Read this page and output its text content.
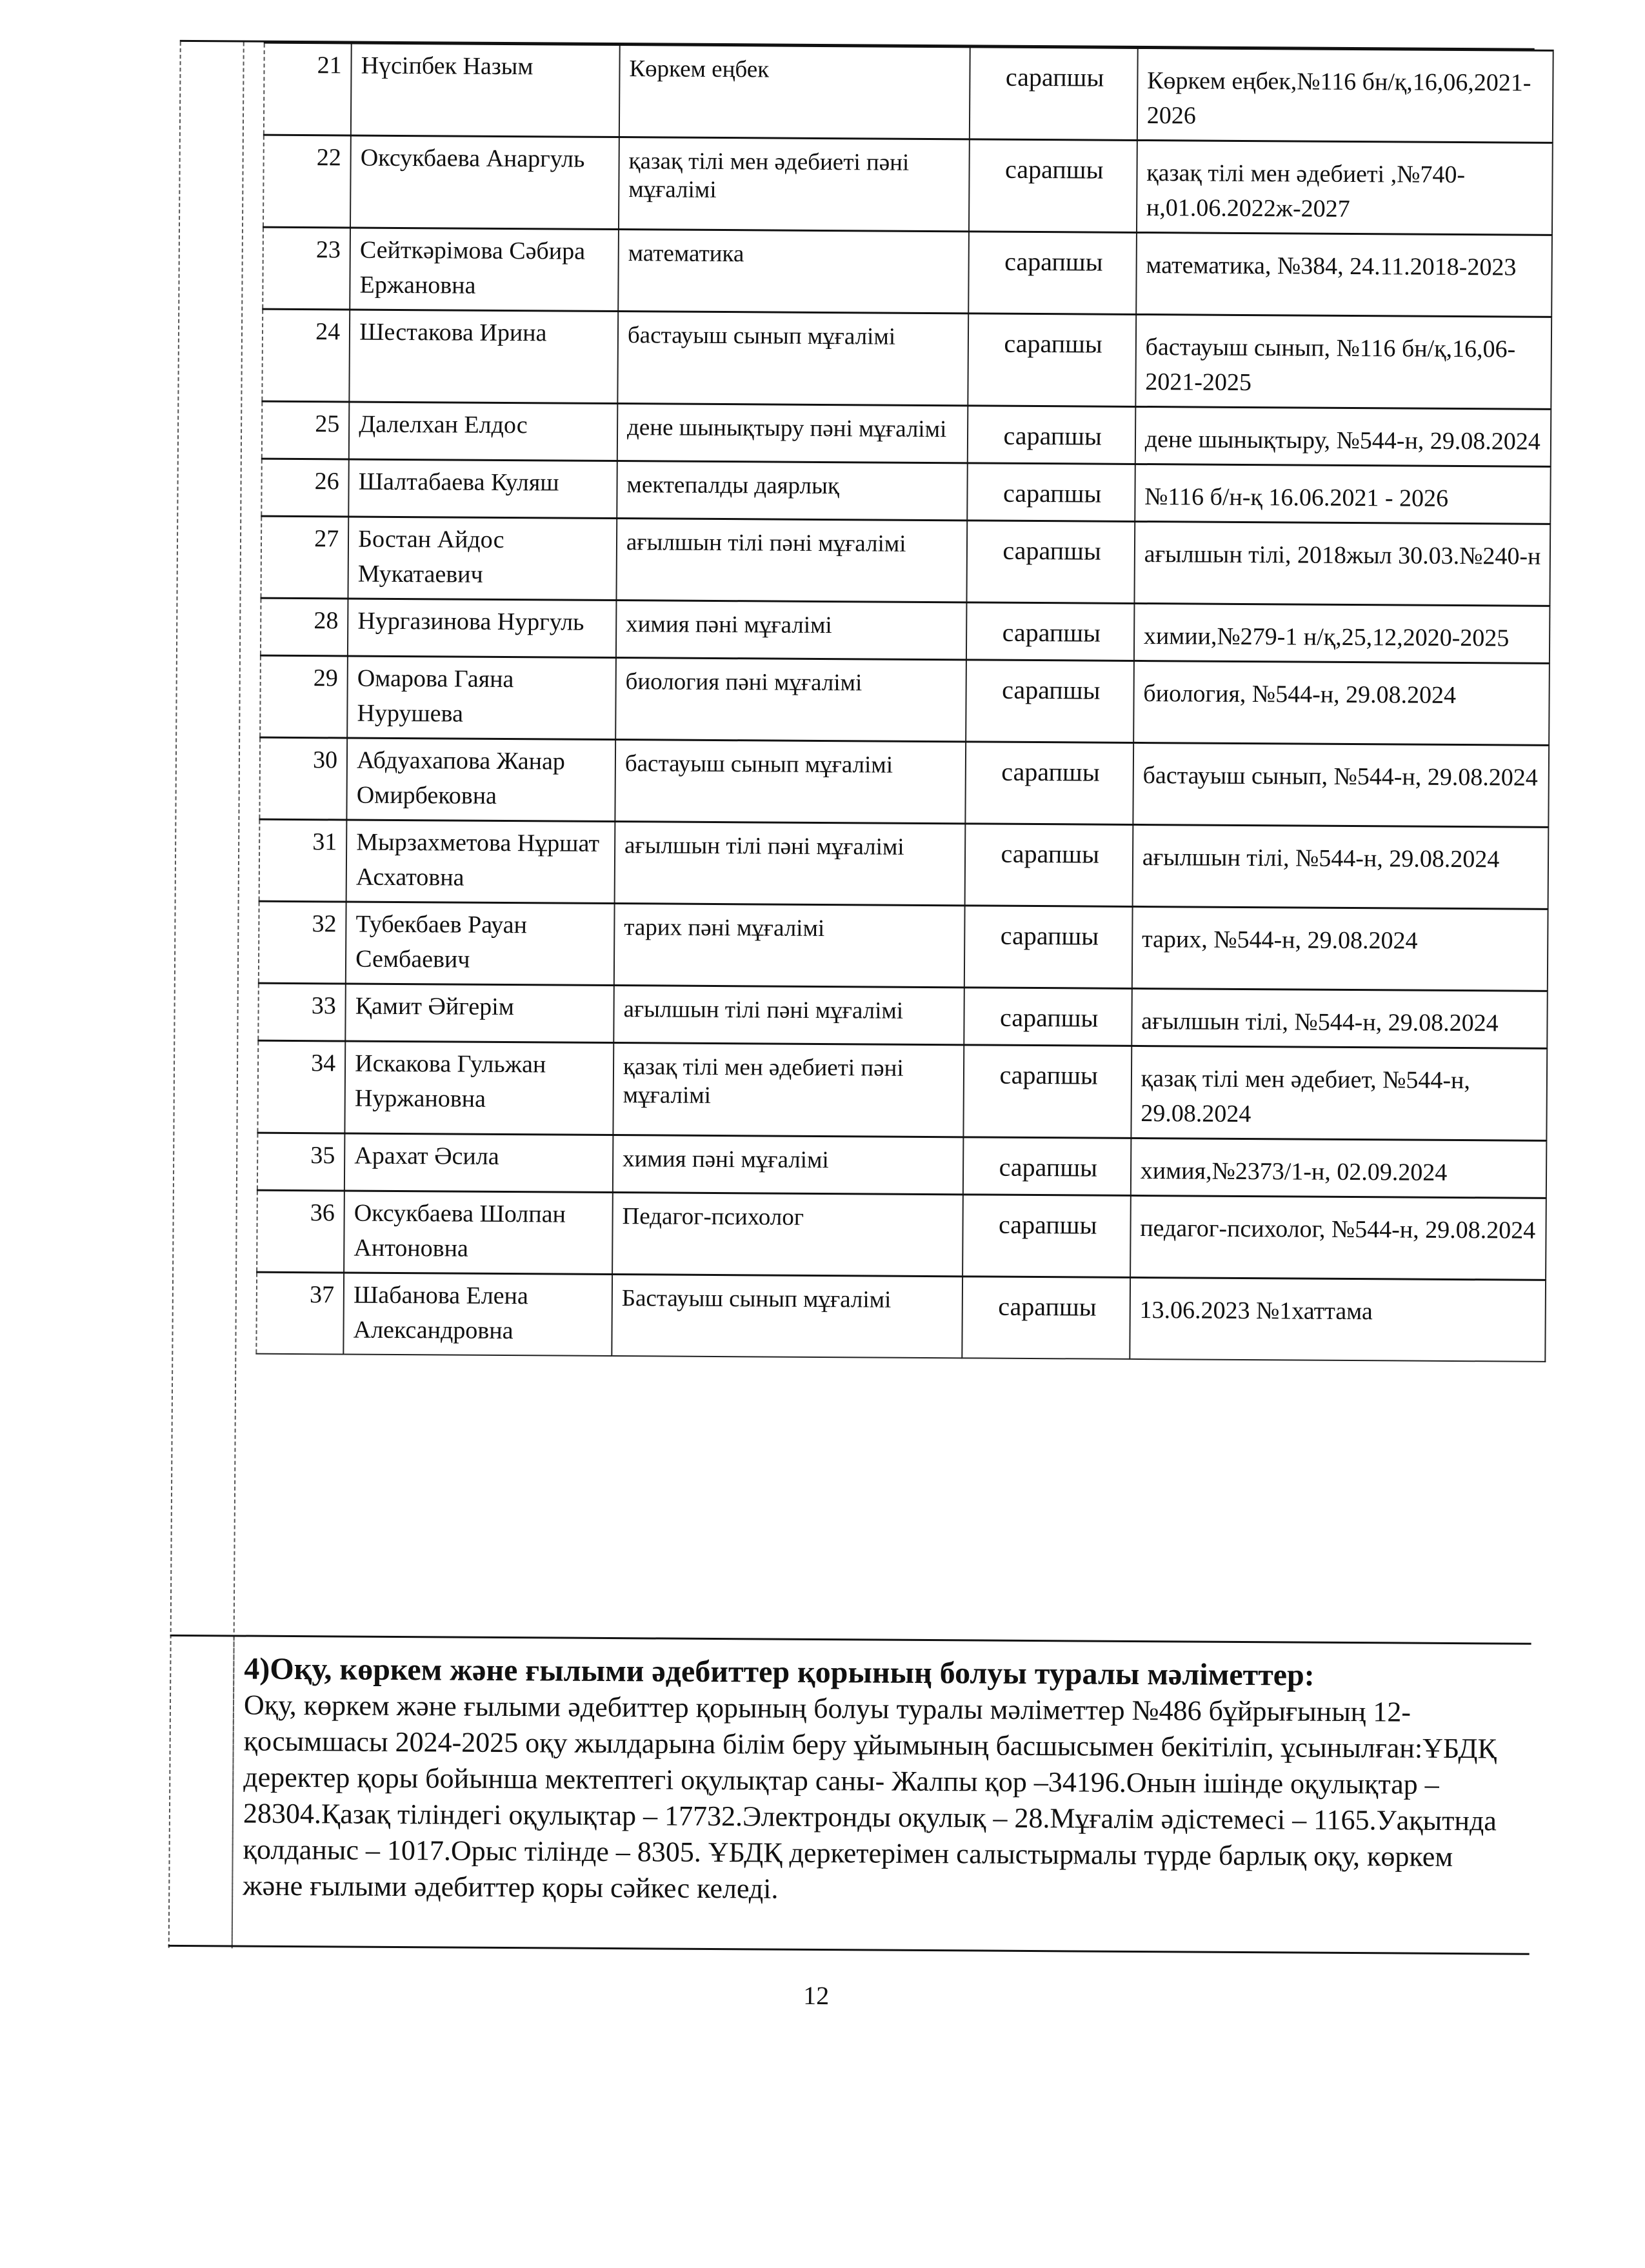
21	Нүсіпбек Назым	Көркем еңбек	сарапшы	Көркем еңбек,№116 бн/қ,16,06,2021-2026
22	Оксукбаева Анаргуль	қазақ тілі мен әдебиеті пәні мұғалімі	сарапшы	қазақ тілі мен әдебиеті ,№740-н,01.06.2022ж-2027
23	Сейткәрімова Сәбира Ержановна	математика	сарапшы	математика, №384, 24.11.2018-2023
24	Шестакова Ирина	бастауыш сынып мұғалімі	сарапшы	бастауыш сынып, №116 бн/қ,16,06-2021-2025
25	Далелхан Елдос	дене шынықтыру пәні мұғалімі	сарапшы	дене шынықтыру, №544-н, 29.08.2024
26	Шалтабаева Куляш	мектепалды даярлық	сарапшы	№116 б/н-қ 16.06.2021 - 2026
27	Бостан Айдос Мукатаевич	ағылшын тілі пәні мұғалімі	сарапшы	ағылшын тілі, 2018жыл 30.03.№240-н
28	Нургазинова Нургуль	химия пәні мұғалімі	сарапшы	химии,№279-1 н/қ,25,12,2020-2025
29	Омарова Гаяна Нурушева	биология пәні мұғалімі	сарапшы	биология, №544-н, 29.08.2024
30	Абдуахапова Жанар Омирбековна	бастауыш сынып мұғалімі	сарапшы	бастауыш сынып, №544-н, 29.08.2024
31	Мырзахметова Нұршат Асхатовна	ағылшын тілі пәні мұғалімі	сарапшы	ағылшын тілі, №544-н, 29.08.2024
32	Тубекбаев Рауан Сембаевич	тарих пәні мұғалімі	сарапшы	тарих, №544-н, 29.08.2024
33	Қамит Әйгерім	ағылшын тілі пәні мұғалімі	сарапшы	ағылшын тілі, №544-н, 29.08.2024
34	Искакова Гульжан Нуржановна	қазақ тілі мен әдебиеті пәні мұғалімі	сарапшы	қазақ тілі мен әдебиет, №544-н, 29.08.2024
35	Арахат Әсила	химия пәні мұғалімі	сарапшы	химия,№2373/1-н, 02.09.2024
36	Оксукбаева Шолпан Антоновна	Педагог-психолог	сарапшы	педагог-психолог, №544-н, 29.08.2024
37	Шабанова Елена Александровна	Бастауыш сынып мұғалімі	сарапшы	13.06.2023 №1хаттама

4)Оқу, көркем және ғылыми әдебиттер қорының болуы туралы мәліметтер:

Оқу, көркем және ғылыми әдебиттер қорының болуы туралы мәліметтер №486 бұйрығының 12-қосымшасы 2024-2025 оқу жылдарына білім беру ұйымының басшысымен бекітіліп, ұсынылған:ҰБДҚ деректер қоры бойынша мектептегі оқулықтар саны- Жалпы қор –34196.Онын ішінде оқулықтар – 28304.Қазақ тіліндегі оқулықтар – 17732.Электронды оқулық – 28.Мұғалім әдістемесі – 1165.Уақытнда қолданыс – 1017.Орыс тілінде – 8305. ҰБДҚ деркетерімен салыстырмалы түрде барлық оқу, көркем және ғылыми әдебиттер қоры сәйкес келеді.

12
